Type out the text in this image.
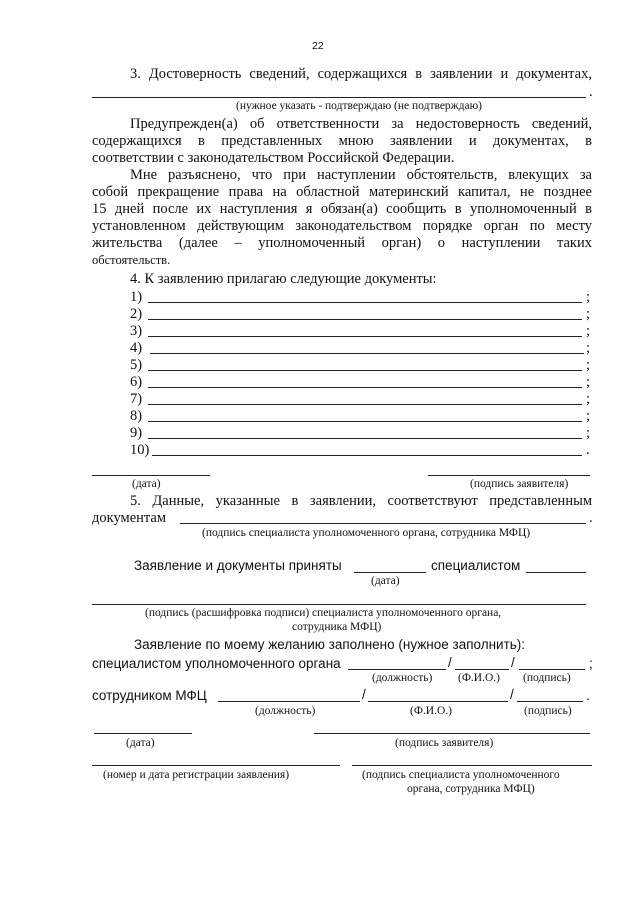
22
3. Достоверность сведений, содержащихся в заявлении и документах,
.
(нужное указать - подтверждаю (не подтверждаю)
Предупрежден(а) об ответственности за недостоверность сведений,
содержащихся в представленных мною заявлении и документах, в
соответствии с законодательством Российской Федерации.
Мне разъяснено, что при наступлении обстоятельств, влекущих за
собой прекращение права на областной материнский капитал, не позднее
15 дней после их наступления я обязан(а) сообщить в уполномоченный в
установленном действующим законодательством порядке орган по месту
жительства (далее – уполномоченный орган) о наступлении таких
обстоятельств.
4. К заявлению прилагаю следующие документы:
1)	;
2)	;
3)	;
4)	;
5)	;
6)	;
7)	;
8)	;
9)	;
10)	.
(дата)	(подпись заявителя)
5. Данные, указанные в заявлении, соответствуют представленным
документам	.
(подпись специалиста уполномоченного органа, сотрудника МФЦ)
Заявление и документы приняты	специалистом
(дата)
(подпись (расшифровка подписи) специалиста уполномоченного органа,
сотрудника МФЦ)
Заявление по моему желанию заполнено (нужное заполнить):
специалистом уполномоченного органа	/	/	;
(должность) (Ф.И.О.) (подпись)
сотрудником МФЦ	/	/	.
(должность)	(Ф.И.О.)	(подпись)
(дата)	(подпись заявителя)
(номер и дата регистрации заявления)	(подпись специалиста уполномоченного
органа, сотрудника МФЦ)
